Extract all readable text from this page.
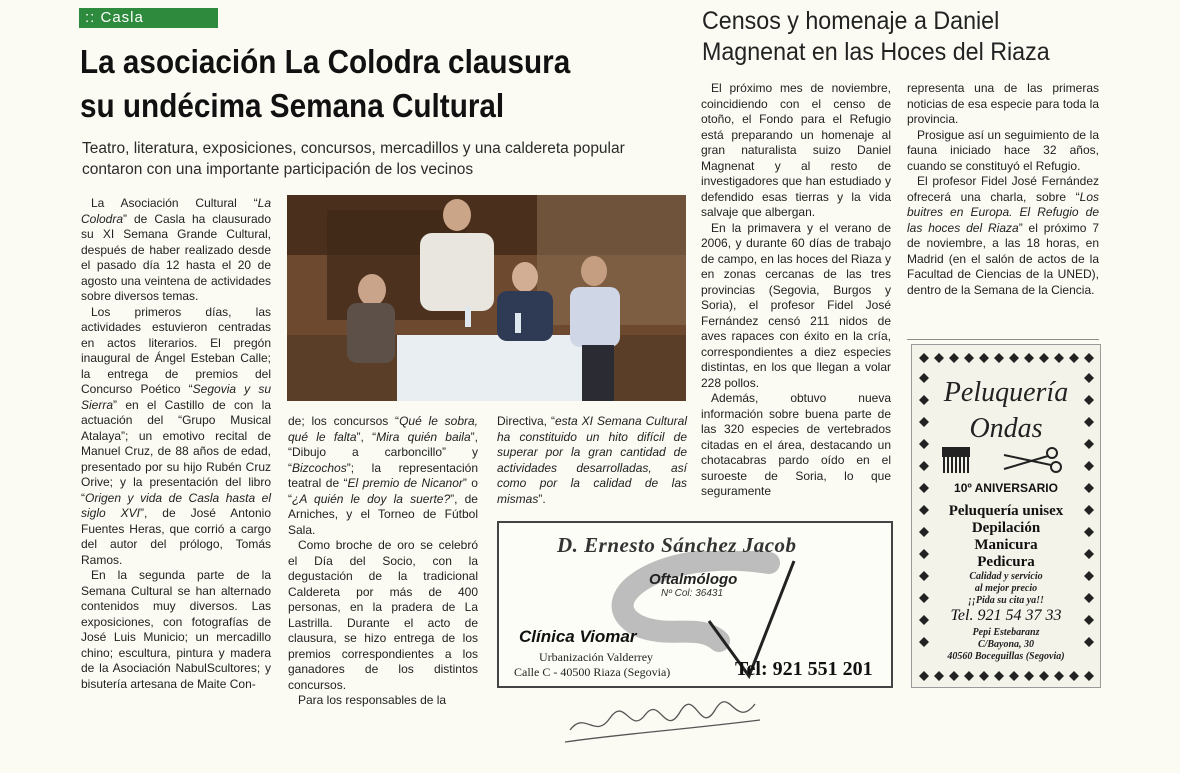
:: Casla
La asociación La Colodra clausura su undécima Semana Cultural
Teatro, literatura, exposiciones, concursos, mercadillos y una caldereta popular contaron con una importante participación de los vecinos

La Asociación Cultural “La Colodra” de Casla ha clausurado su XI Semana Grande Cultural, después de haber realizado desde el pasado día 12 hasta el 20 de agosto una veintena de actividades sobre diversos temas.

Los primeros días, las actividades estuvieron centradas en actos literarios. El pregón inaugural de Ángel Esteban Calle; la entrega de premios del Concurso Poético “Segovia y su Sierra” en el Castillo de con la actuación del “Grupo Musical Atalaya”; un emotivo recital de Manuel Cruz, de 88 años de edad, presentado por su hijo Rubén Cruz Orive; y la presentación del libro “Origen y vida de Casla hasta el siglo XVI”, de José Antonio Fuentes Heras, que corrió a cargo del autor del prólogo, Tomás Ramos.

En la segunda parte de la Semana Cultural se han alternado contenidos muy diversos. Las exposiciones, con fotografías de José Luis Municio; un mercadillo chino; escultura, pintura y madera de la Asociación NabulScultores; y bisutería artesana de Maite Con-

de; los concursos “Qué le sobra, qué le falta”, “Mira quién baila”, “Dibujo a carboncillo” y “Bizcochos”; la representación teatral de “El premio de Nicanor” o “¿A quién le doy la suerte?”, de Arniches, y el Torneo de Fútbol Sala.

Como broche de oro se celebró el Día del Socio, con la degustación de la tradicional Caldereta por más de 400 personas, en la pradera de La Lastrilla. Durante el acto de clausura, se hizo entrega de los premios correspondientes a los ganadores de los distintos concursos.

Para los responsables de la

Directiva, “esta XI Semana Cultural ha constituido un hito difícil de superar por la gran cantidad de actividades desarrolladas, así como por la calidad de las mismas”.

Censos y homenaje a Daniel Magnenat en las Hoces del Riaza

El próximo mes de noviembre, coincidiendo con el censo de otoño, el Fondo para el Refugio está preparando un homenaje al gran naturalista suizo Daniel Magnenat y al resto de investigadores que han estudiado y defendido esas tierras y la vida salvaje que albergan.

En la primavera y el verano de 2006, y durante 60 días de trabajo de campo, en las hoces del Riaza y en zonas cercanas de las tres provincias (Segovia, Burgos y Soria), el profesor Fidel José Fernández censó 211 nidos de aves rapaces con éxito en la cría, correspondientes a diez especies distintas, en los que llegan a volar 228 pollos.

Además, obtuvo nueva información sobre buena parte de las 320 especies de vertebrados citadas en el área, destacando un chotacabras pardo oído en el suroeste de Soria, lo que seguramente

representa una de las primeras noticias de esa especie para toda la provincia.

Prosigue así un seguimiento de la fauna iniciado hace 32 años, cuando se constituyó el Refugio.

El profesor Fidel José Fernández ofrecerá una charla, sobre “Los buitres en Europa. El Refugio de las hoces del Riaza” el próximo 7 de noviembre, a las 18 horas, en Madrid (en el salón de actos de la Facultad de Ciencias de la UNED), dentro de la Semana de la Ciencia.

D. Ernesto Sánchez Jacob
Oftalmólogo
Nº Col: 36431
Clínica Viomar
Urbanización Valderrey
Calle C - 40500 Riaza (Segovia)	Tel: 921 551 201
Peluquería
Ondas
10º ANIVERSARIO
Peluquería unisex
Depilación
Manicura
Pedicura
Calidad y servicio
al mejor precio
¡¡Pida su cita ya!!
Tel. 921 54 37 33
Pepi Estebaranz
C/Bayona, 30
40560 Boceguillas (Segovia)
